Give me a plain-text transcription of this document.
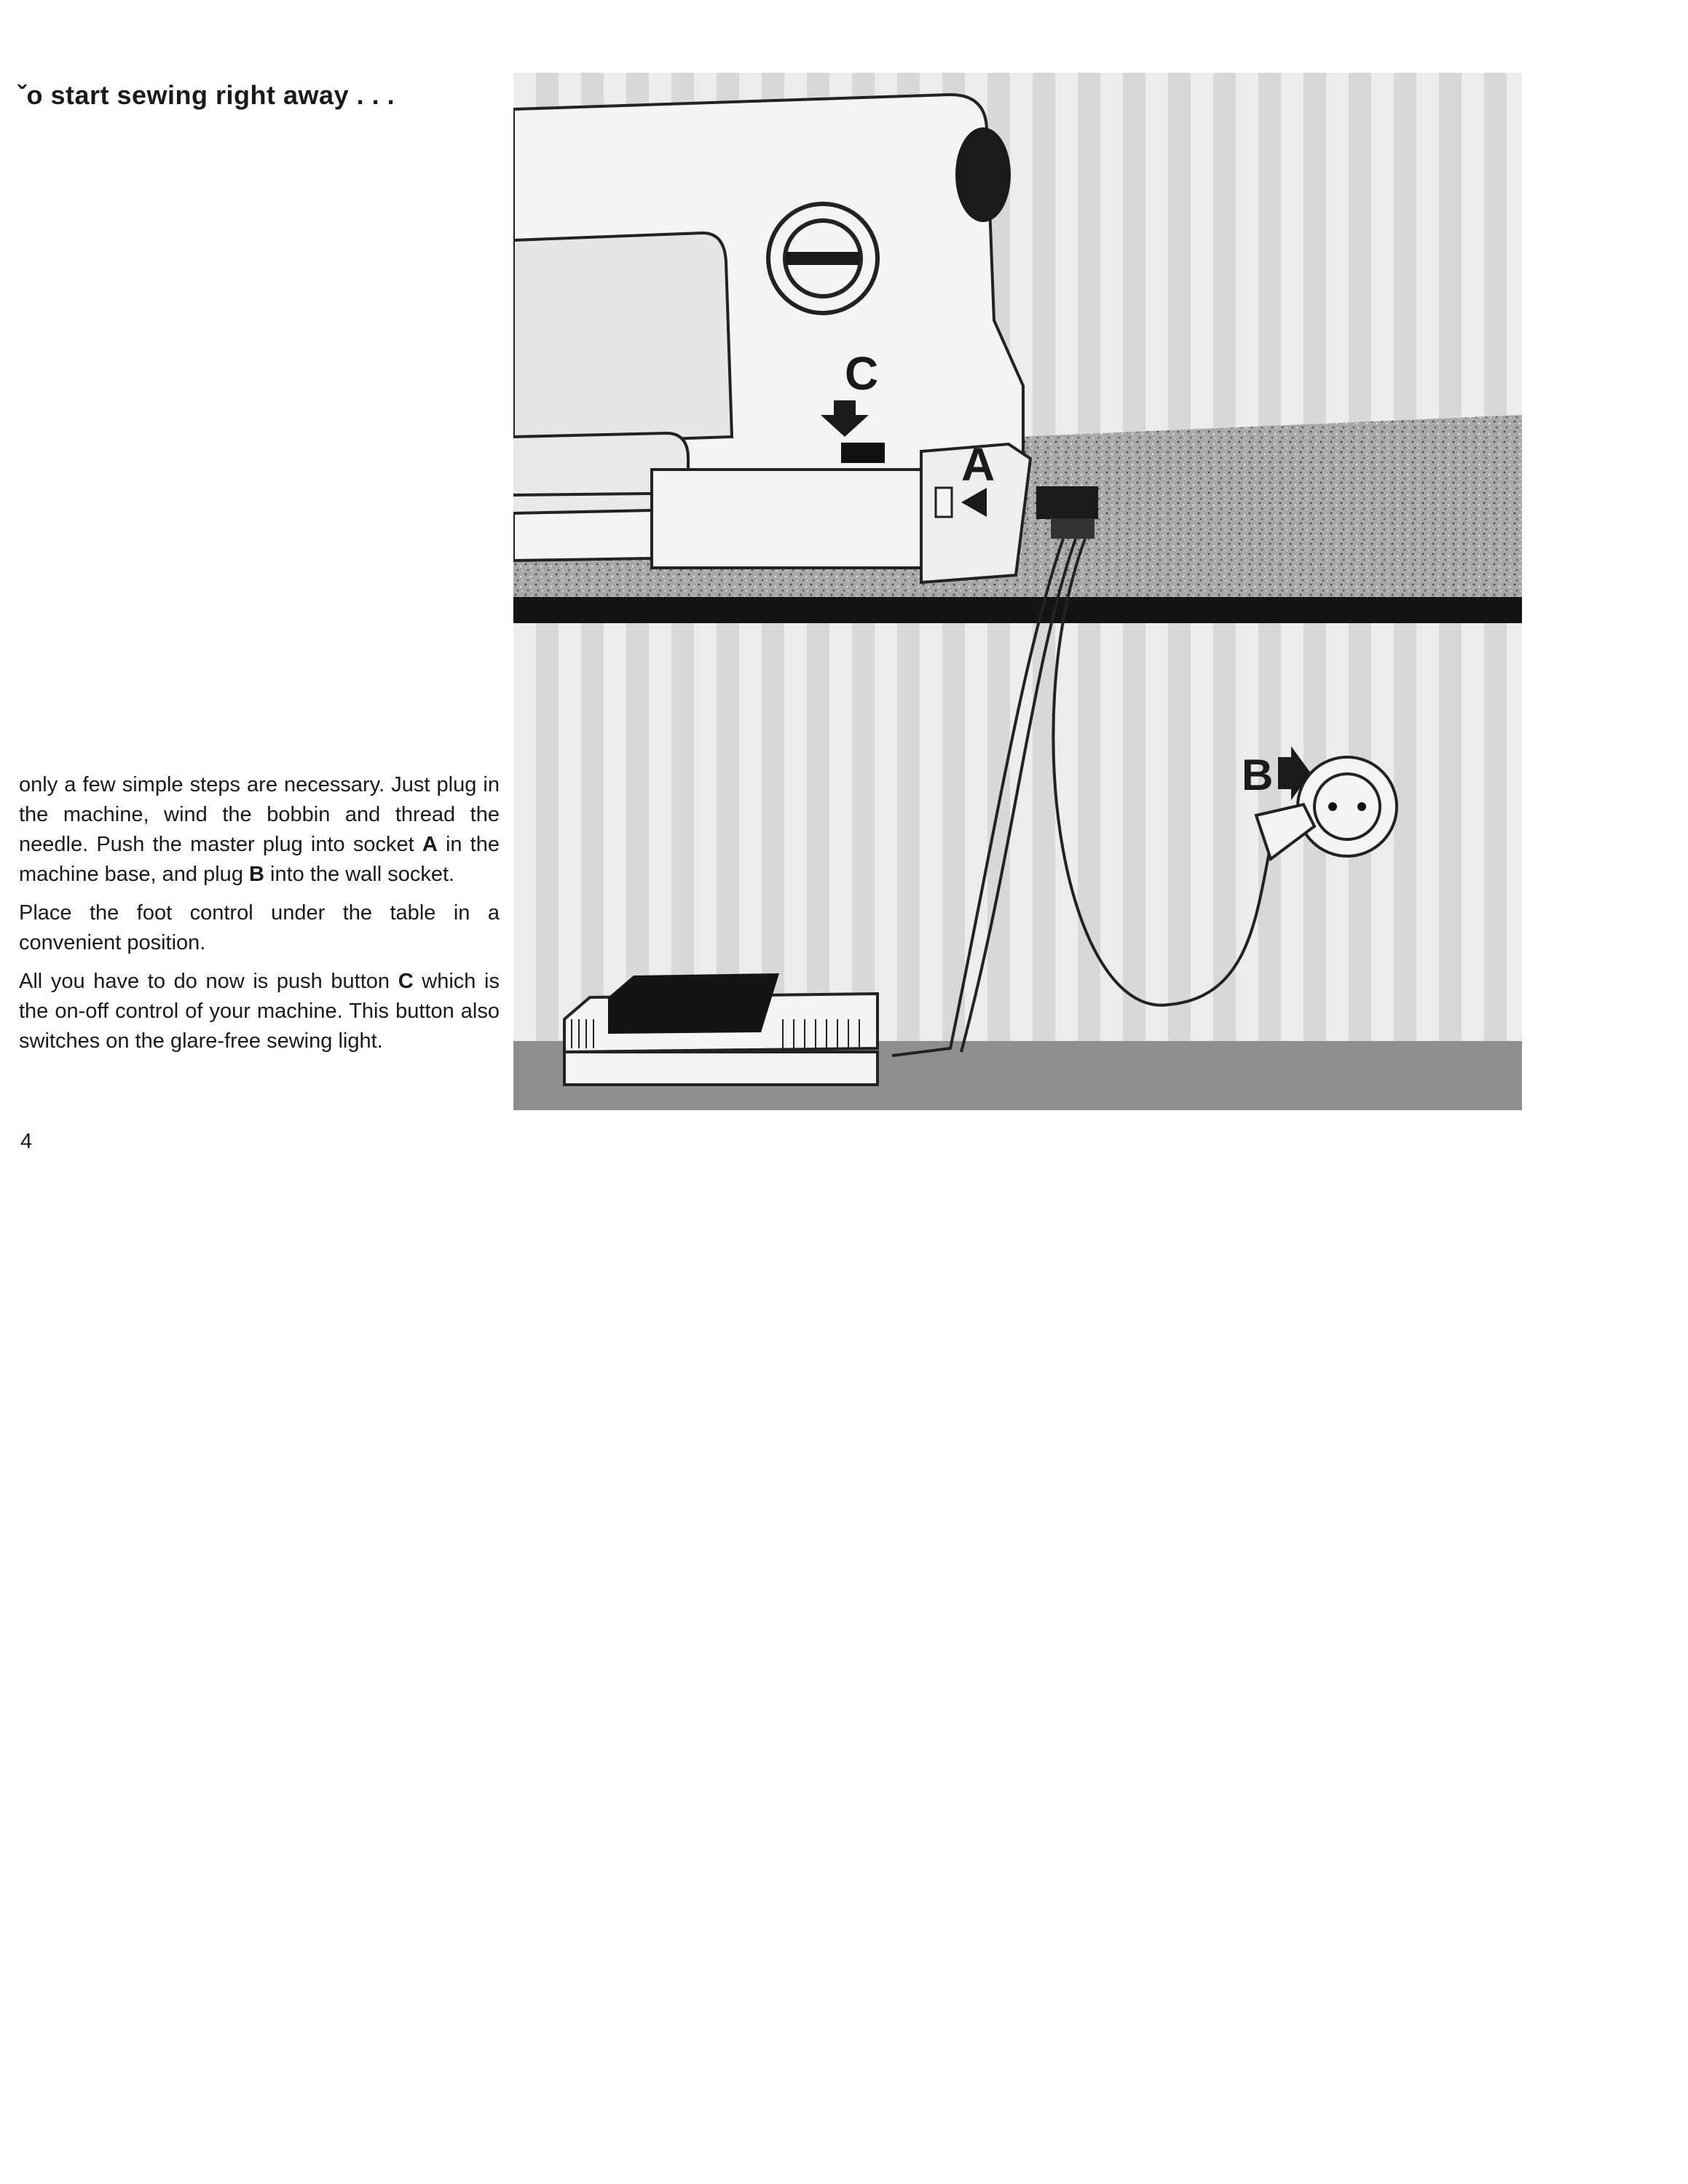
ˇo start sewing right away . . .
C
A
B

only a few simple steps are necessary. Just plug in the machine, wind the bobbin and thread the needle. Push the master plug into socket A in the machine base, and plug B into the wall socket.

Place the foot control under the table in a convenient position.

All you have to do now is push button C which is the on-off control of your machine. This button also switches on the glare-free sewing light.

4
